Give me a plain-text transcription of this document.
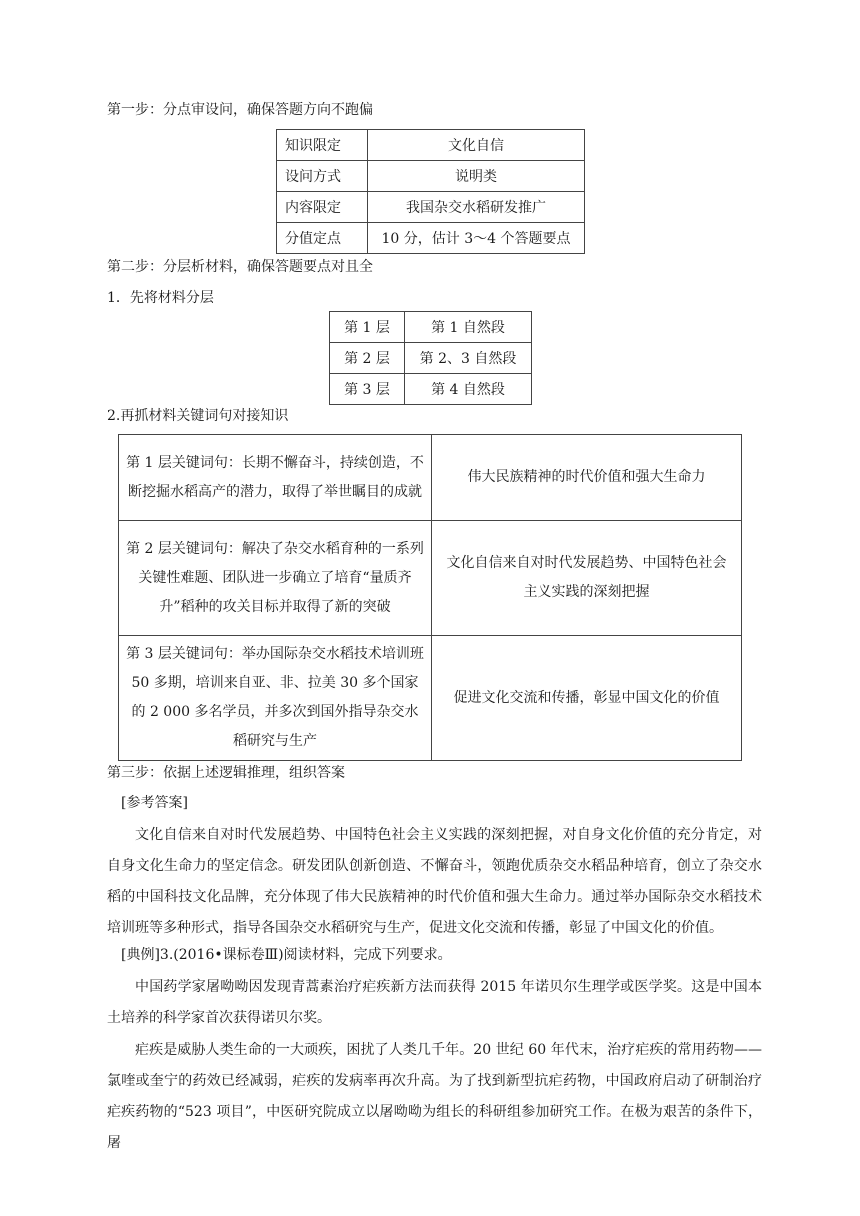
第一步：分点审设问，确保答题方向不跑偏
知识限定	文化自信
设问方式	说明类
内容限定	我国杂交水稻研发推广
分值定点	10 分，估计 3～4 个答题要点
第二步：分层析材料，确保答题要点对且全
1．先将材料分层
第 1 层	第 1 自然段
第 2 层	第 2、3 自然段
第 3 层	第 4 自然段
2.再抓材料关键词句对接知识
第 1 层关键词句：长期不懈奋斗，持续创造，不断挖掘水稻高产的潜力，取得了举世瞩目的成就	伟大民族精神的时代价值和强大生命力
第 2 层关键词句：解决了杂交水稻育种的一系列关键性难题、团队进一步确立了培育“量质齐升”稻种的攻关目标并取得了新的突破	文化自信来自对时代发展趋势、中国特色社会主义实践的深刻把握
第 3 层关键词句：举办国际杂交水稻技术培训班 50 多期，培训来自亚、非、拉美 30 多个国家的 2 000 多名学员，并多次到国外指导杂交水稻研究与生产	促进文化交流和传播，彰显中国文化的价值
第三步：依据上述逻辑推理，组织答案
[参考答案]
文化自信来自对时代发展趋势、中国特色社会主义实践的深刻把握，对自身文化价值的充分肯定，对自身文化生命力的坚定信念。研发团队创新创造、不懈奋斗，领跑优质杂交水稻品种培育，创立了杂交水稻的中国科技文化品牌，充分体现了伟大民族精神的时代价值和强大生命力。通过举办国际杂交水稻技术培训班等多种形式，指导各国杂交水稻研究与生产，促进文化交流和传播，彰显了中国文化的价值。
[典例]3.(2016•课标卷Ⅲ)阅读材料，完成下列要求。
中国药学家屠呦呦因发现青蒿素治疗疟疾新方法而获得 2015 年诺贝尔生理学或医学奖。这是中国本土培养的科学家首次获得诺贝尔奖。
疟疾是威胁人类生命的一大顽疾，困扰了人类几千年。20 世纪 60 年代末，治疗疟疾的常用药物——氯喹或奎宁的药效已经减弱，疟疾的发病率再次升高。为了找到新型抗疟药物，中国政府启动了研制治疗疟疾药物的“523 项目”，中医研究院成立以屠呦呦为组长的科研组参加研究工作。在极为艰苦的条件下，屠
